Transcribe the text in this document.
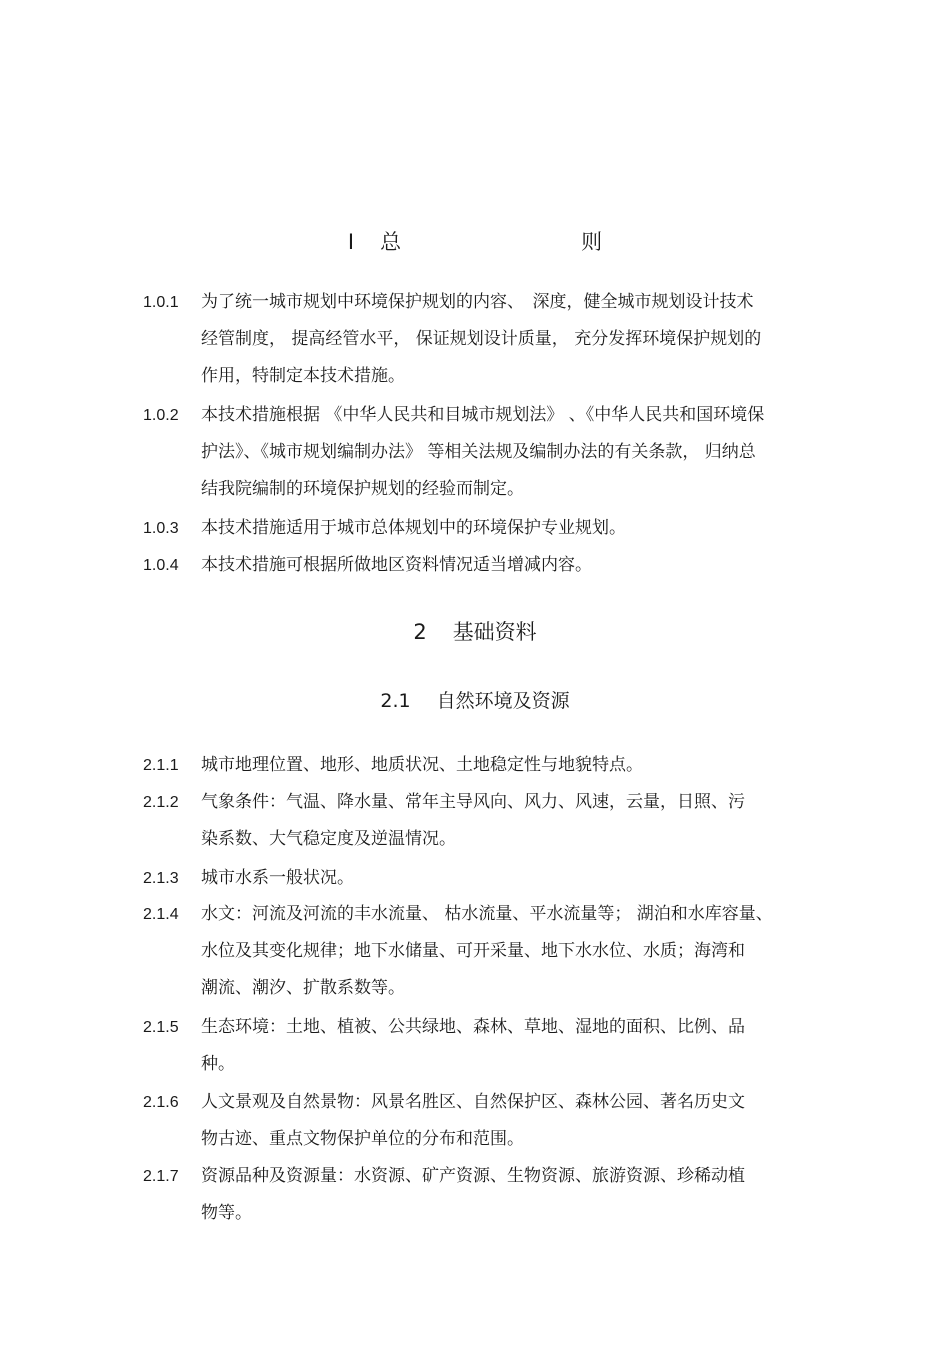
I 总   则
1.0.1 为了统一城市规划中环境保护规划的内容、　深度，健全城市规划设计技术
经管制度， 提高经管水平， 保证规划设计质量， 充分发挥环境保护规划的
作用，特制定本技术措施。
1.0.2 本技术措施根据 《中华人民共和目城市规划法》 、《中华人民共和国环境保
护法》、《城市规划编制办法》 等相关法规及编制办法的有关条款， 归纳总
结我院编制的环境保护规划的经验而制定。
1.0.3 本技术措施适用于城市总体规划中的环境保护专业规划。
1.0.4 本技术措施可根据所做地区资料情况适当增减内容。
2 基础资料
2.1 自然环境及资源
2.1.1 城市地理位置、地形、地质状况、土地稳定性与地貌特点。
2.1.2 气象条件：气温、降水量、常年主导风向、风力、风速，云量，日照、污
染系数、大气稳定度及逆温情况。
2.1.3 城市水系一般状况。
2.1.4 水文：河流及河流的丰水流量、 枯水流量、平水流量等； 湖泊和水库容量、
水位及其变化规律；地下水储量、可开采量、地下水水位、水质；海湾和
潮流、潮汐、扩散系数等。
2.1.5 生态环境：土地、植被、公共绿地、森林、草地、湿地的面积、比例、品
种。
2.1.6 人文景观及自然景物：风景名胜区、自然保护区、森林公园、著名历史文
物古迹、重点文物保护单位的分布和范围。
2.1.7 资源品种及资源量：水资源、矿产资源、生物资源、旅游资源、珍稀动植
物等。
